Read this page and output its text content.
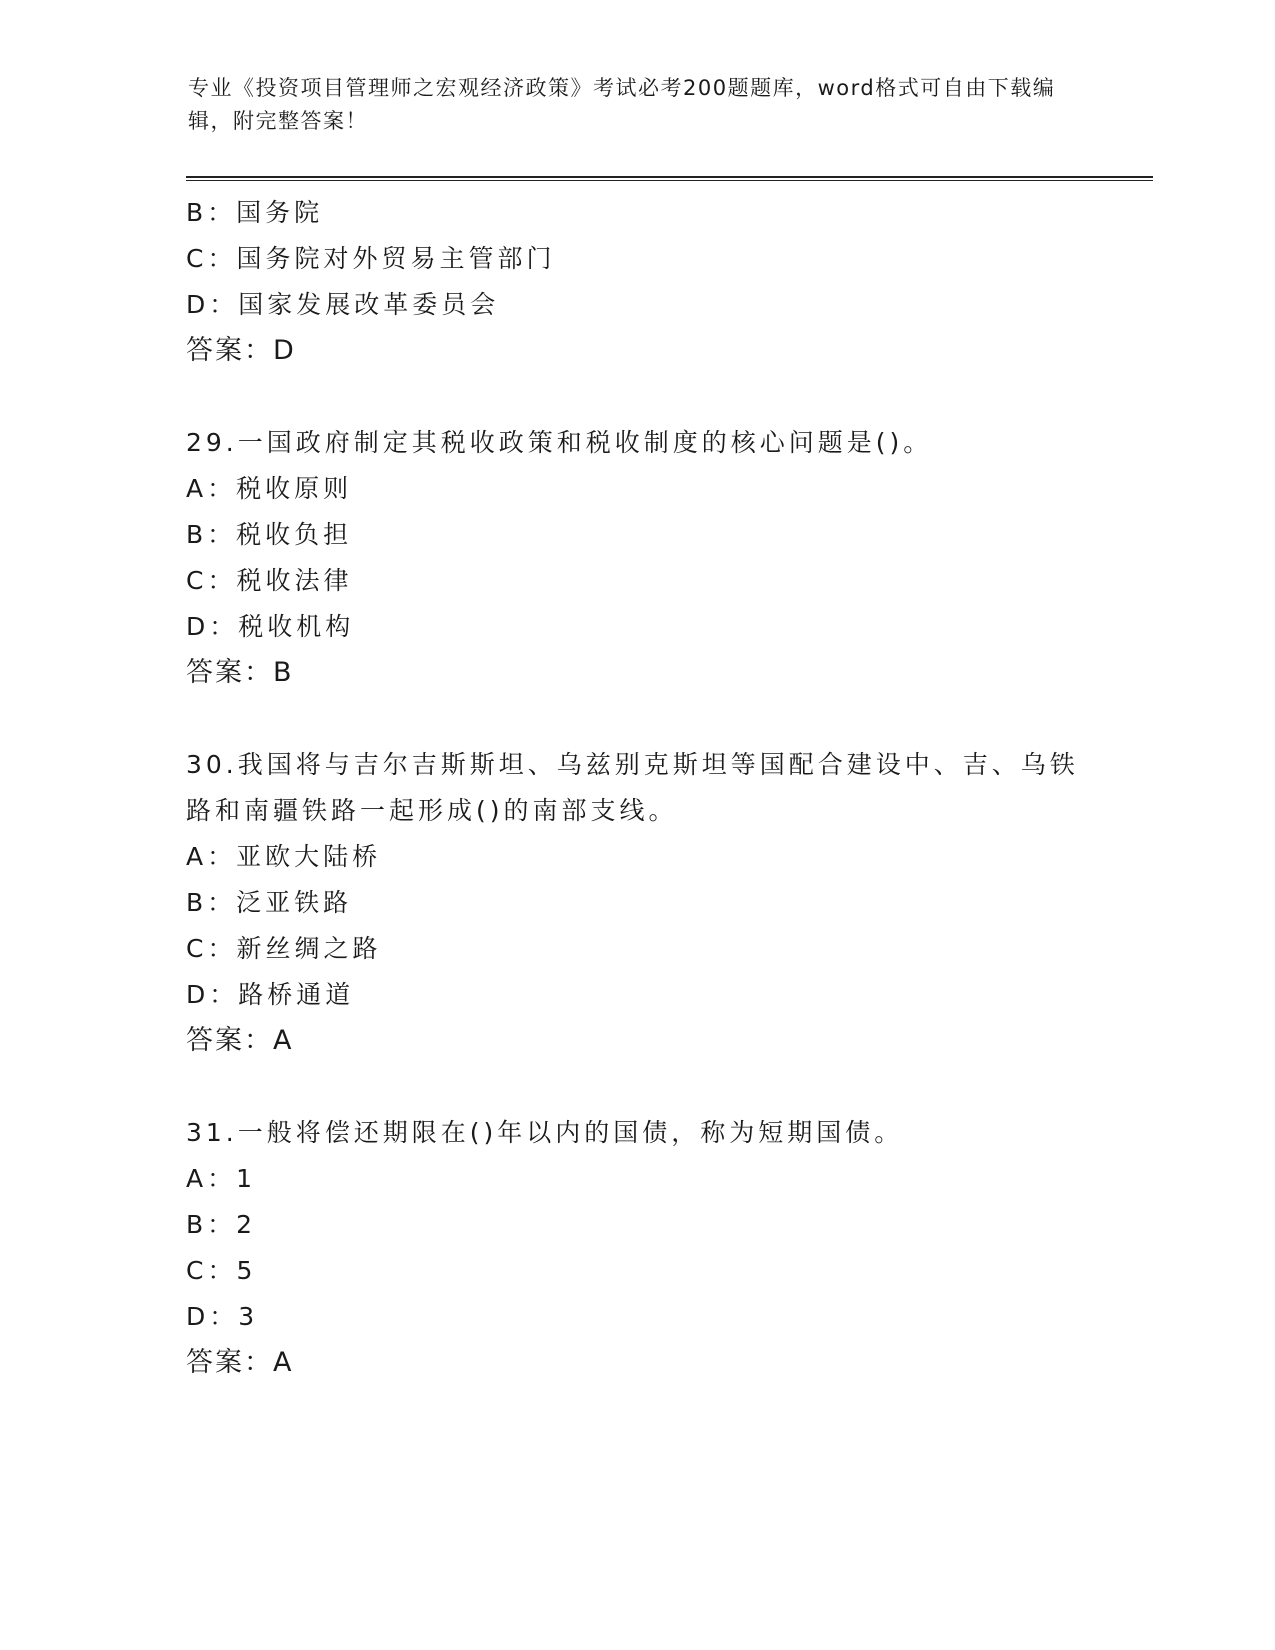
专业《投资项目管理师之宏观经济政策》考试必考200题题库，word格式可自由下载编辑，附完整答案！
B：国务院
C：国务院对外贸易主管部门
D：国家发展改革委员会
答案：D
29.一国政府制定其税收政策和税收制度的核心问题是()。
A：税收原则
B：税收负担
C：税收法律
D：税收机构
答案：B
30.我国将与吉尔吉斯斯坦、乌兹别克斯坦等国配合建设中、吉、乌铁路和南疆铁路一起形成()的南部支线。
A：亚欧大陆桥
B：泛亚铁路
C：新丝绸之路
D：路桥通道
答案：A
31.一般将偿还期限在()年以内的国债，称为短期国债。
A：1
B：2
C：5
D：3
答案：A
